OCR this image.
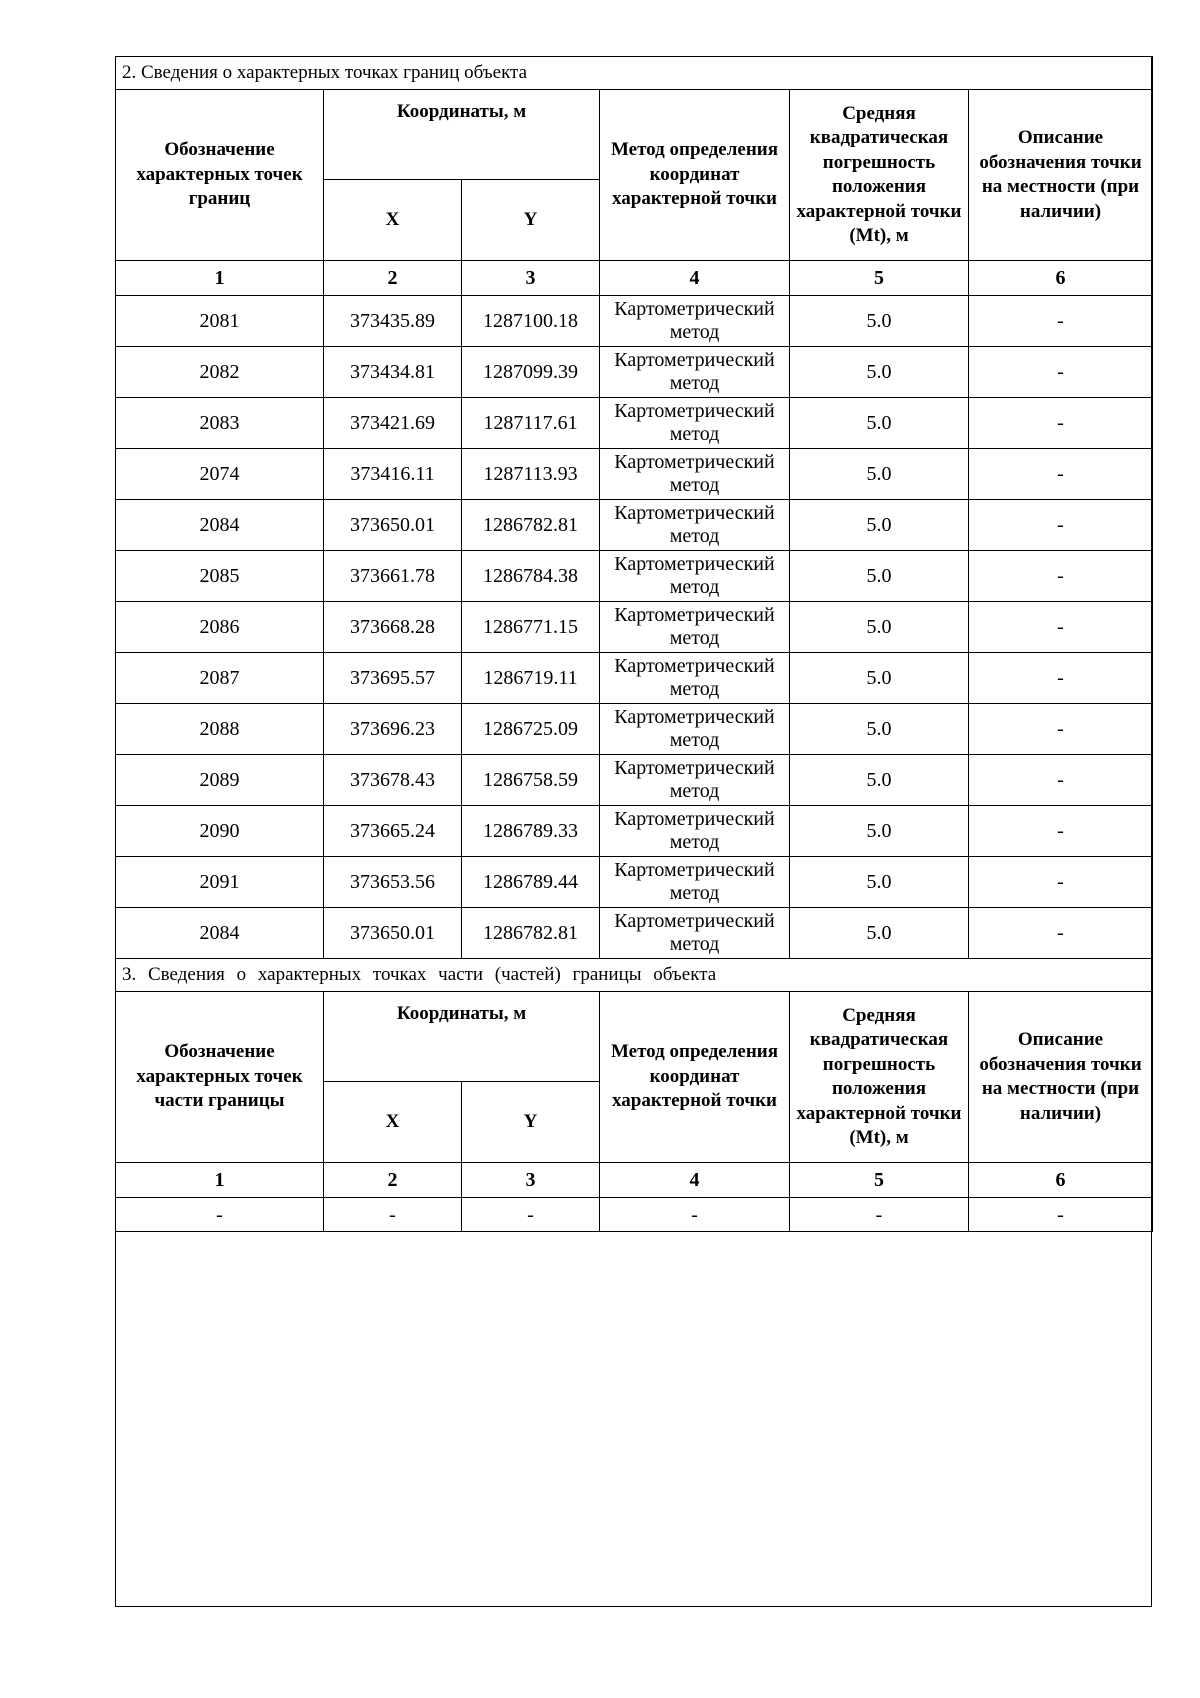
2. Сведения о характерных точках границ объекта					
Обозначение характерных точек границ	Координаты, м		Метод определения координат характерной точки	Средняя квадратическая погрешность положения характерной точки (Mt), м	Описание обозначения точки на местности (при наличии)
	X	Y			
1	2	3	4	5	6
2081	373435.89	1287100.18	Картометрический метод	5.0	-
2082	373434.81	1287099.39	Картометрический метод	5.0	-
2083	373421.69	1287117.61	Картометрический метод	5.0	-
2074	373416.11	1287113.93	Картометрический метод	5.0	-
2084	373650.01	1286782.81	Картометрический метод	5.0	-
2085	373661.78	1286784.38	Картометрический метод	5.0	-
2086	373668.28	1286771.15	Картометрический метод	5.0	-
2087	373695.57	1286719.11	Картометрический метод	5.0	-
2088	373696.23	1286725.09	Картометрический метод	5.0	-
2089	373678.43	1286758.59	Картометрический метод	5.0	-
2090	373665.24	1286789.33	Картометрический метод	5.0	-
2091	373653.56	1286789.44	Картометрический метод	5.0	-
2084	373650.01	1286782.81	Картометрический метод	5.0	-
3. Сведения о характерных точках части (частей) границы объекта					
Обозначение характерных точек части границы	Координаты, м		Метод определения координат характерной точки	Средняя квадратическая погрешность положения характерной точки (Mt), м	Описание обозначения точки на местности (при наличии)
	X	Y			
1	2	3	4	5	6
-	-	-	-	-	-
